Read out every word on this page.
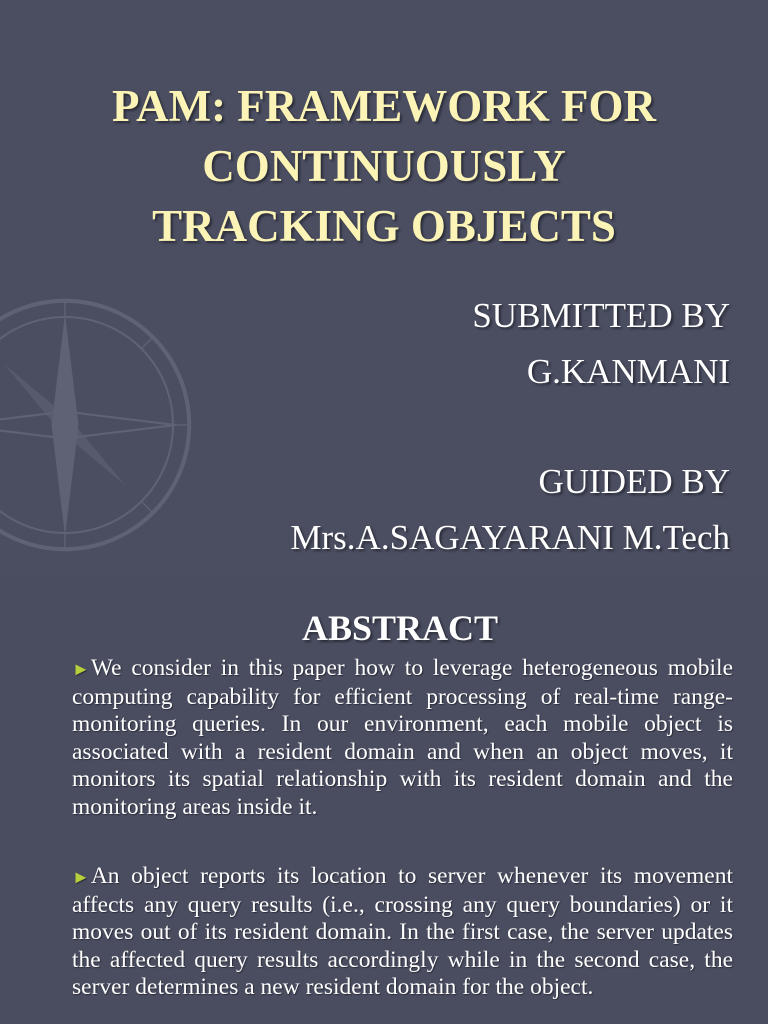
PAM: FRAMEWORK FOR
CONTINUOUSLY
TRACKING OBJECTS
SUBMITTED BY
G.KANMANI
GUIDED BY
Mrs.A.SAGAYARANI M.Tech
ABSTRACT
►We consider in this paper how to leverage heterogeneous mobile computing capability for efficient processing of real-time range-monitoring queries. In our environment, each mobile object is associated with a resident domain and when an object moves, it monitors its spatial relationship with its resident domain and the monitoring areas inside it.
►An object reports its location to server whenever its movement affects any query results (i.e., crossing any query boundaries) or it moves out of its resident domain. In the first case, the server updates the affected query results accordingly while in the second case, the server determines a new resident domain for the object.
